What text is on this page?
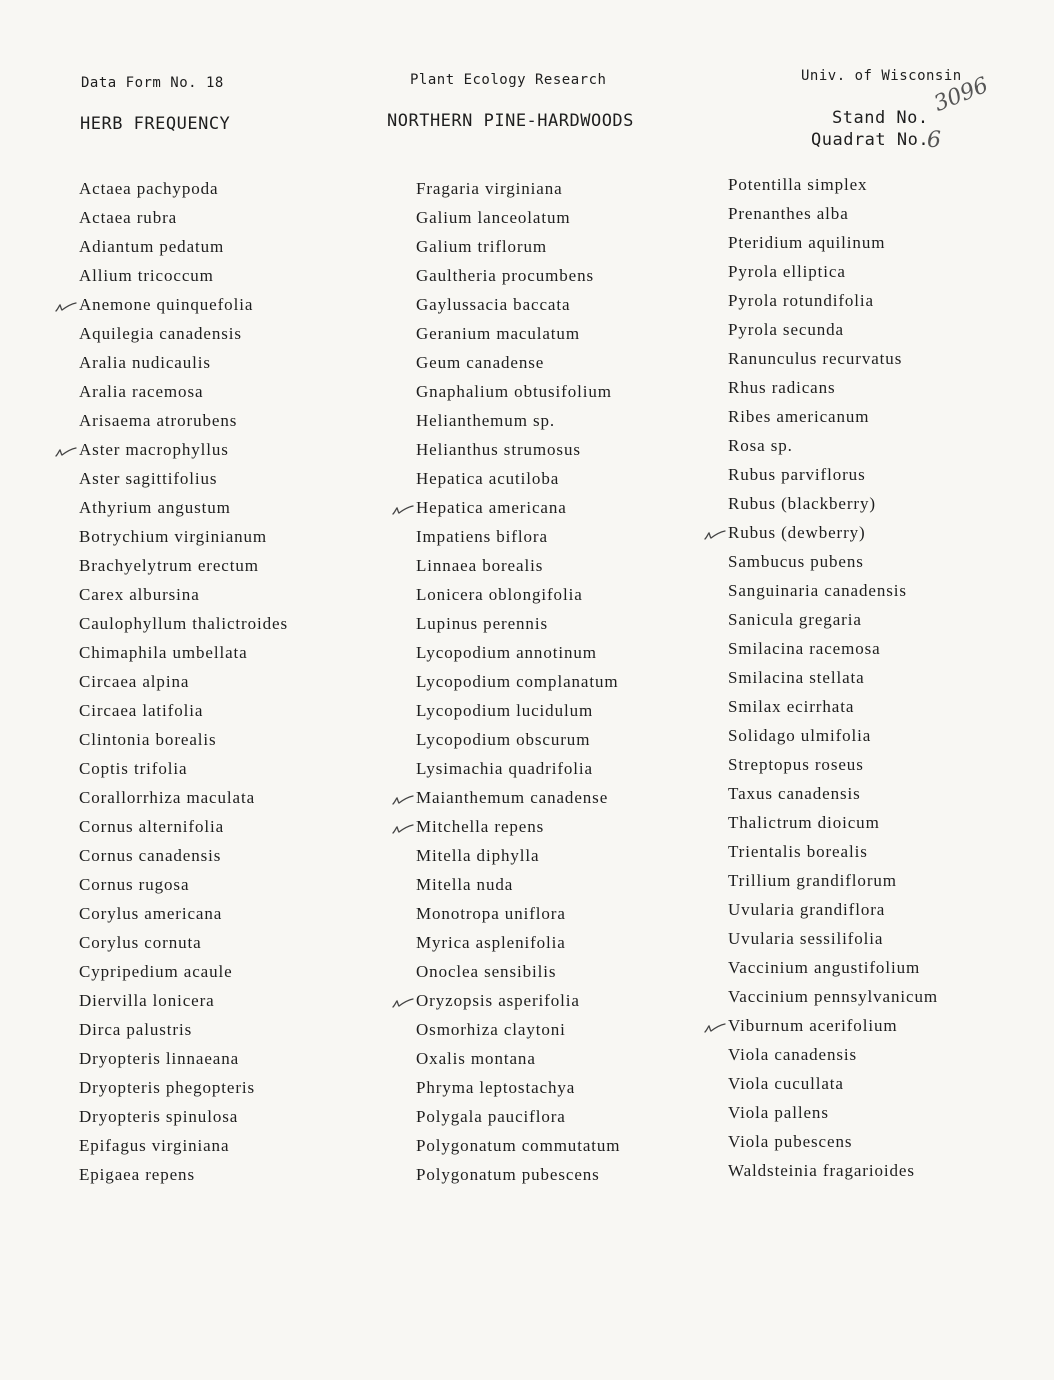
Data Form No. 18	Plant Ecology Research	Univ. of Wisconsin
HERB FREQUENCY	NORTHERN PINE-HARDWOODS	Stand No.
Quadrat No.
3096
6
Actaea pachypoda
Actaea rubra
Adiantum pedatum
Allium tricoccum
Anemone quinquefolia
Aquilegia canadensis
Aralia nudicaulis
Aralia racemosa
Arisaema atrorubens
Aster macrophyllus
Aster sagittifolius
Athyrium angustum
Botrychium virginianum
Brachyelytrum erectum
Carex albursina
Caulophyllum thalictroides
Chimaphila umbellata
Circaea alpina
Circaea latifolia
Clintonia borealis
Coptis trifolia
Corallorrhiza maculata
Cornus alternifolia
Cornus canadensis
Cornus rugosa
Corylus americana
Corylus cornuta
Cypripedium acaule
Diervilla lonicera
Dirca palustris
Dryopteris linnaeana
Dryopteris phegopteris
Dryopteris spinulosa
Epifagus virginiana
Epigaea repens
Fragaria virginiana
Galium lanceolatum
Galium triflorum
Gaultheria procumbens
Gaylussacia baccata
Geranium maculatum
Geum canadense
Gnaphalium obtusifolium
Helianthemum sp.
Helianthus strumosus
Hepatica acutiloba
Hepatica americana
Impatiens biflora
Linnaea borealis
Lonicera oblongifolia
Lupinus perennis
Lycopodium annotinum
Lycopodium complanatum
Lycopodium lucidulum
Lycopodium obscurum
Lysimachia quadrifolia
Maianthemum canadense
Mitchella repens
Mitella diphylla
Mitella nuda
Monotropa uniflora
Myrica asplenifolia
Onoclea sensibilis
Oryzopsis asperifolia
Osmorhiza claytoni
Oxalis montana
Phryma leptostachya
Polygala pauciflora
Polygonatum commutatum
Polygonatum pubescens
Potentilla simplex
Prenanthes alba
Pteridium aquilinum
Pyrola elliptica
Pyrola rotundifolia
Pyrola secunda
Ranunculus recurvatus
Rhus radicans
Ribes americanum
Rosa sp.
Rubus parviflorus
Rubus (blackberry)
Rubus (dewberry)
Sambucus pubens
Sanguinaria canadensis
Sanicula gregaria
Smilacina racemosa
Smilacina stellata
Smilax ecirrhata
Solidago ulmifolia
Streptopus roseus
Taxus canadensis
Thalictrum dioicum
Trientalis borealis
Trillium grandiflorum
Uvularia grandiflora
Uvularia sessilifolia
Vaccinium angustifolium
Vaccinium pennsylvanicum
Viburnum acerifolium
Viola canadensis
Viola cucullata
Viola pallens
Viola pubescens
Waldsteinia fragarioides
